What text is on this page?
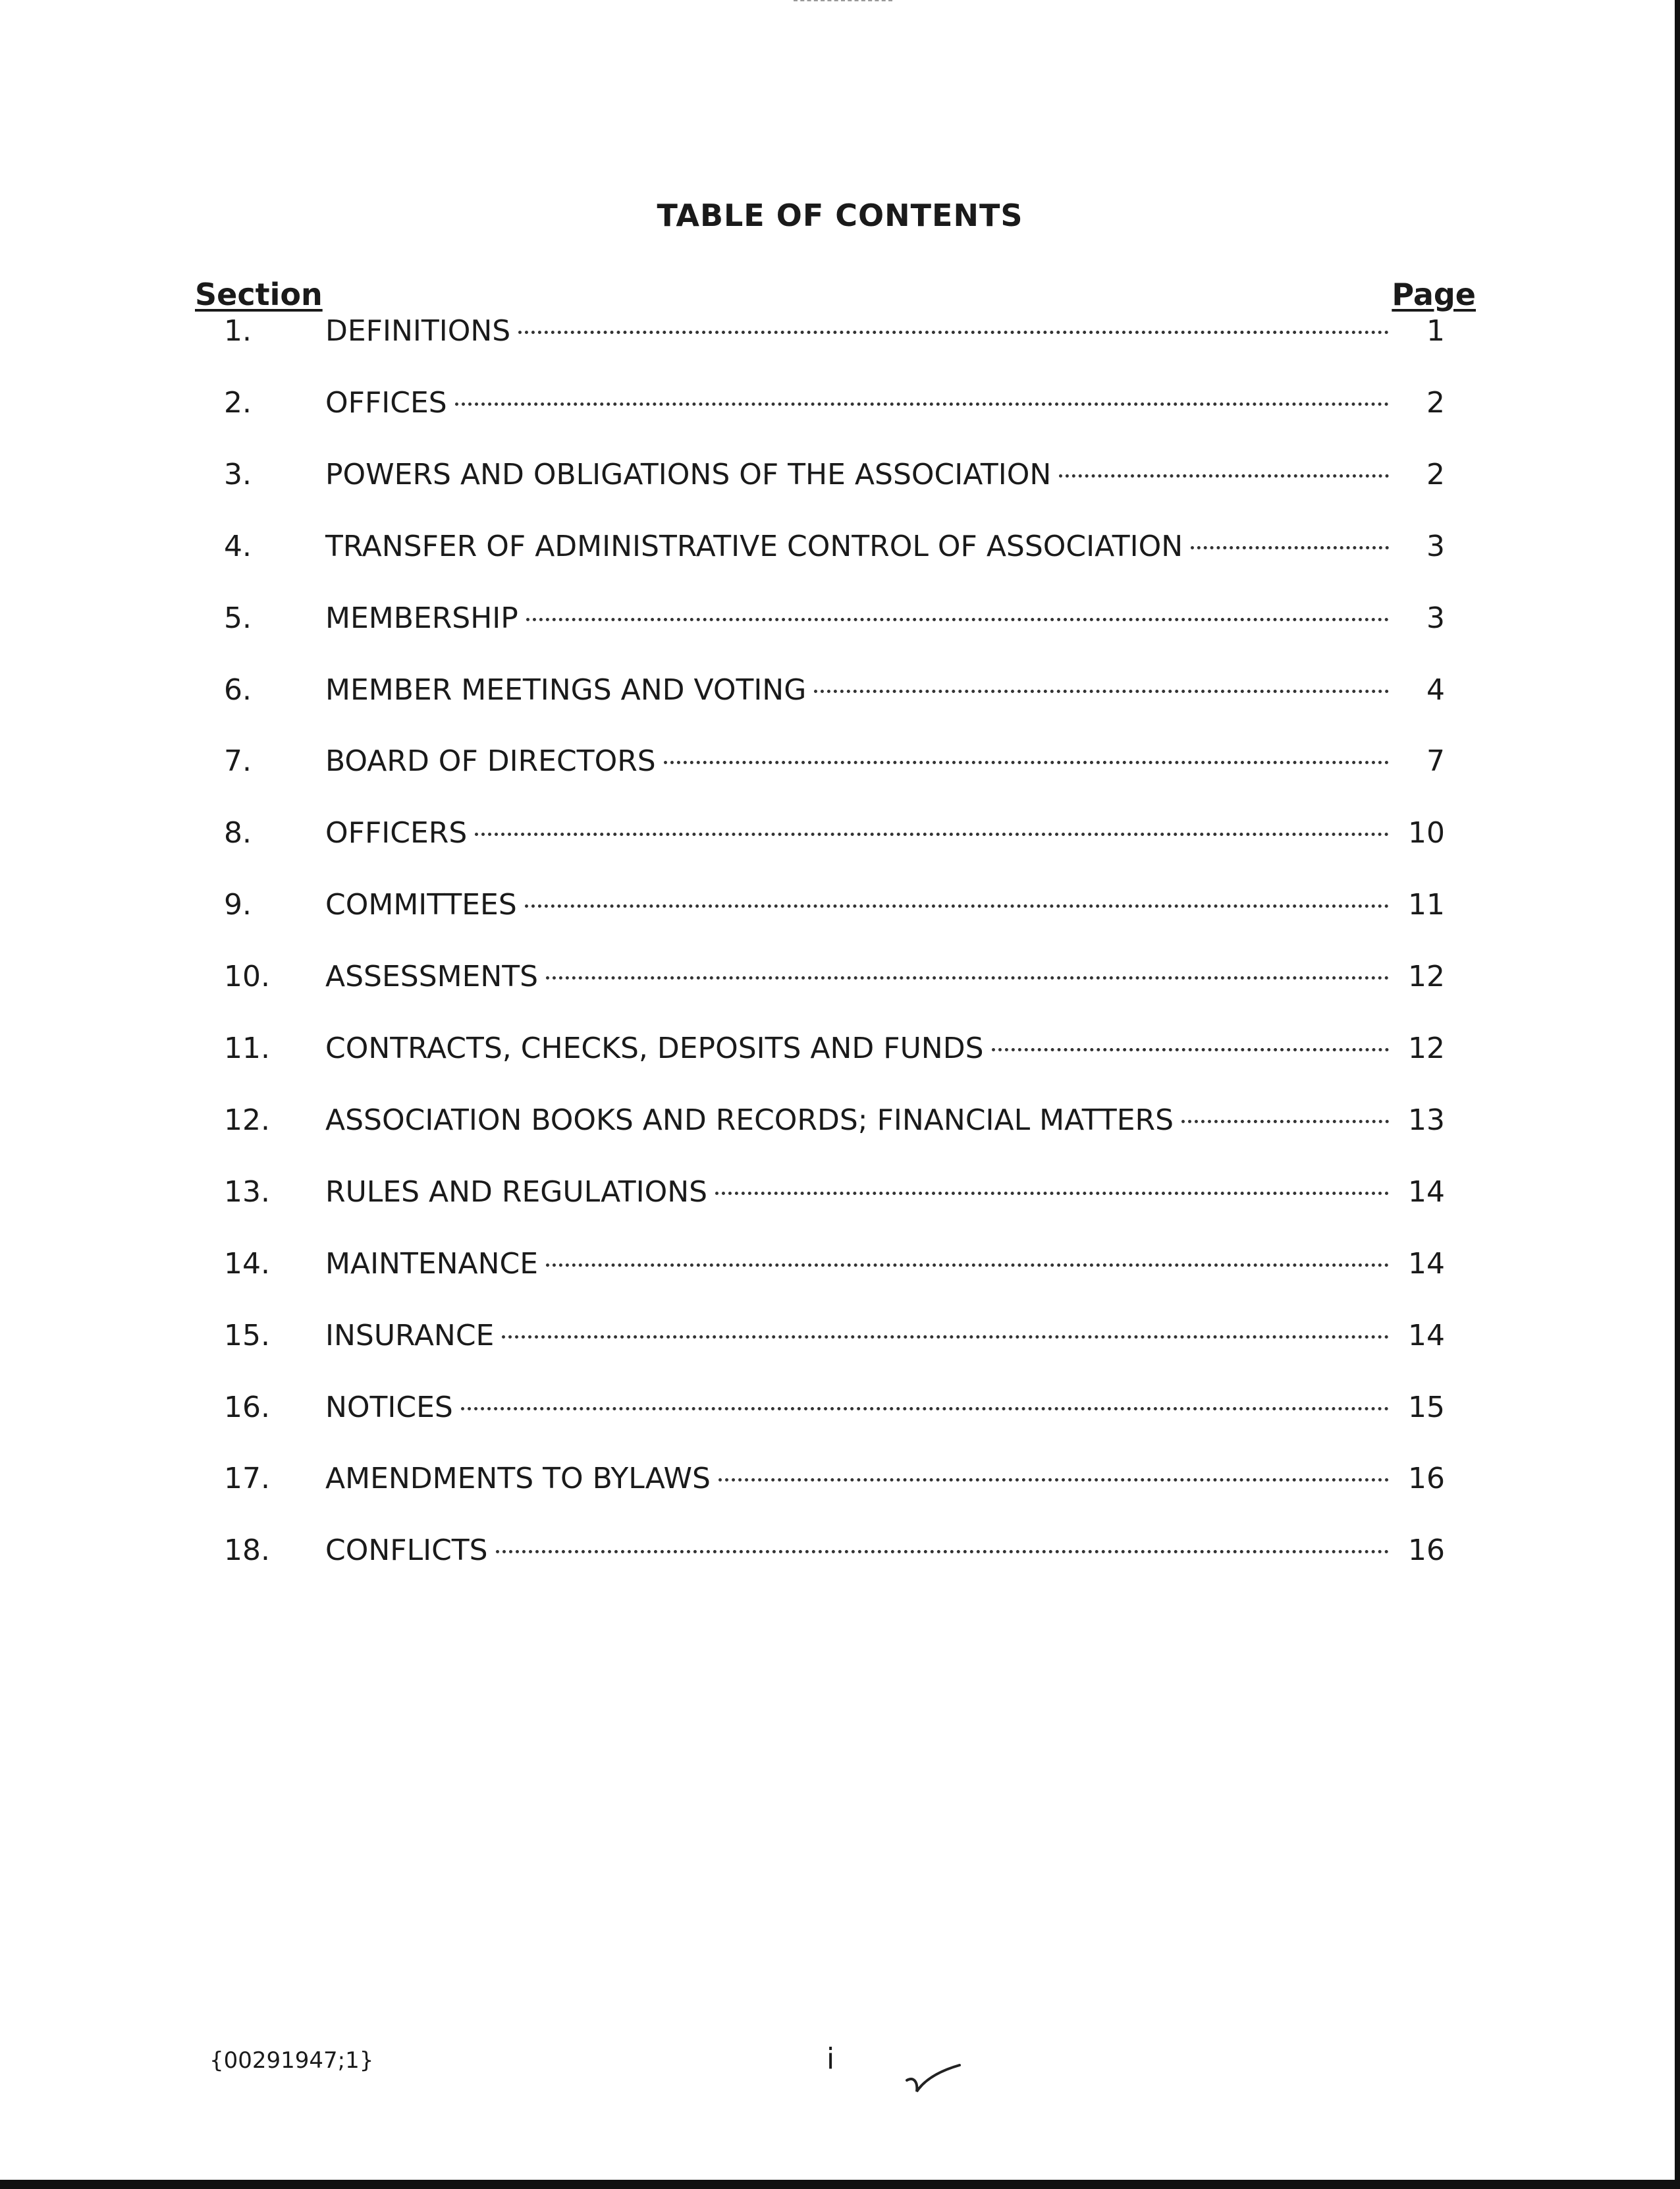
TABLE OF CONTENTS
Section	Page
1.	DEFINITIONS	1
2.	OFFICES	2
3.	POWERS AND OBLIGATIONS OF THE ASSOCIATION	2
4.	TRANSFER OF ADMINISTRATIVE CONTROL OF ASSOCIATION	3
5.	MEMBERSHIP	3
6.	MEMBER MEETINGS AND VOTING	4
7.	BOARD OF DIRECTORS	7
8.	OFFICERS	10
9.	COMMITTEES	11
10.	ASSESSMENTS	12
11.	CONTRACTS, CHECKS, DEPOSITS AND FUNDS	12
12.	ASSOCIATION BOOKS AND RECORDS; FINANCIAL MATTERS	13
13.	RULES AND REGULATIONS	14
14.	MAINTENANCE	14
15.	INSURANCE	14
16.	NOTICES	15
17.	AMENDMENTS TO BYLAWS	16
18.	CONFLICTS	16
{00291947;1}	i
